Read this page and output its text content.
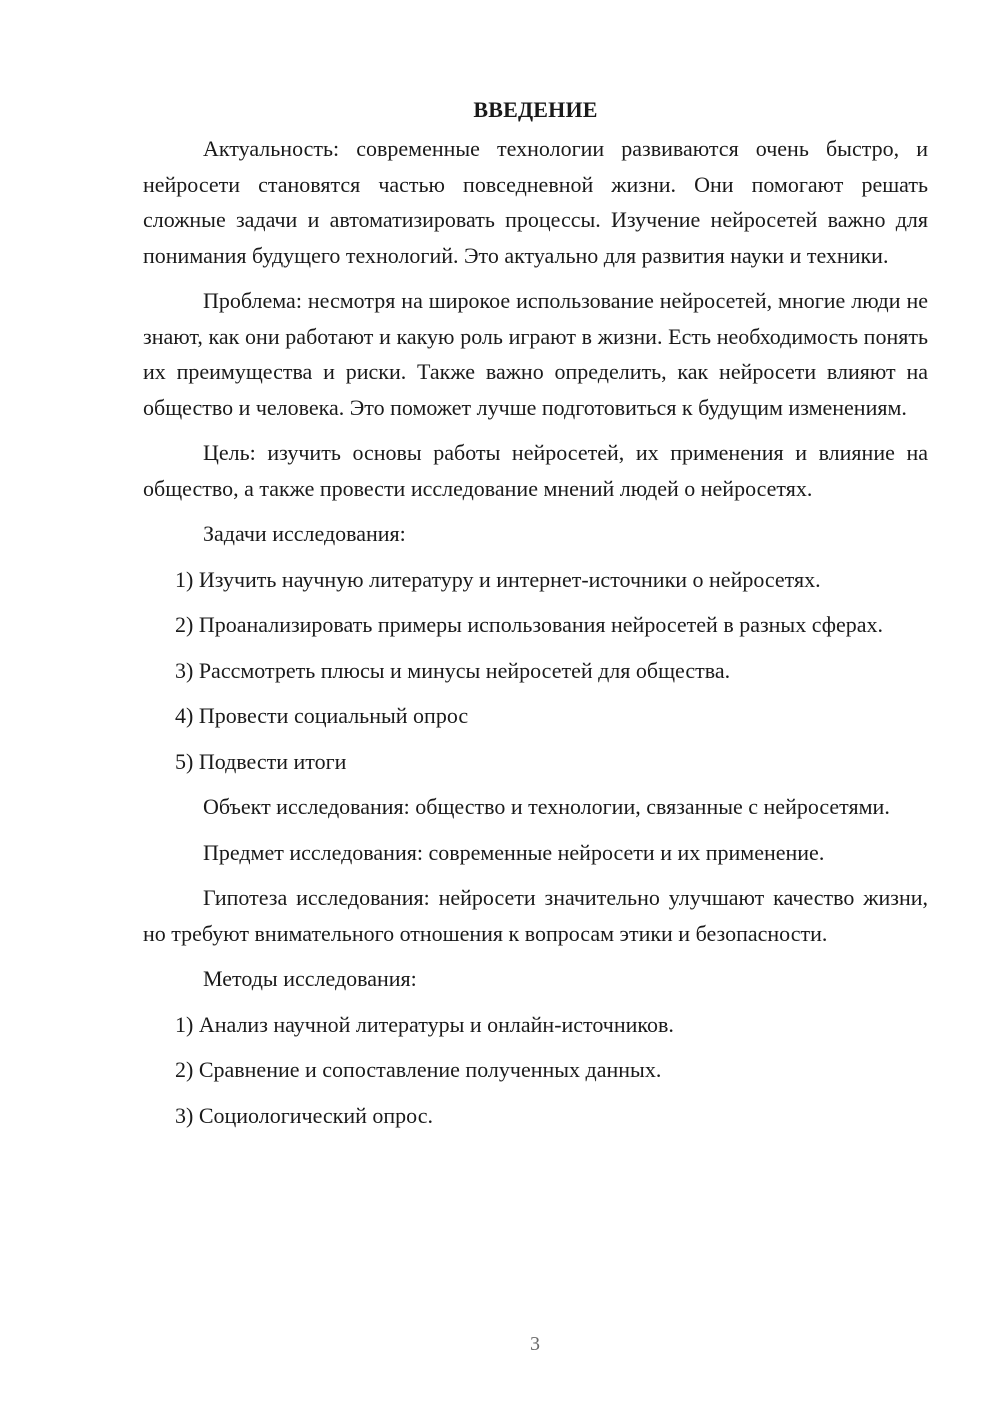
ВВЕДЕНИЕ

Актуальность: современные технологии развиваются очень быстро, и нейросети становятся частью повседневной жизни. Они помогают решать сложные задачи и автоматизировать процессы. Изучение нейросетей важно для понимания будущего технологий. Это актуально для развития науки и техники.

Проблема: несмотря на широкое использование нейросетей, многие люди не знают, как они работают и какую роль играют в жизни. Есть необходимость понять их преимущества и риски. Также важно определить, как нейросети влияют на общество и человека. Это поможет лучше подготовиться к будущим изменениям.

Цель: изучить основы работы нейросетей, их применения и влияние на общество, а также провести исследование мнений людей о нейросетях.

Задачи исследования:

1) Изучить научную литературу и интернет-источники о нейросетях.

2) Проанализировать примеры использования нейросетей в разных сферах.

3) Рассмотреть плюсы и минусы нейросетей для общества.

4) Провести социальный опрос

5) Подвести итоги

Объект исследования: общество и технологии, связанные с нейросетями.

Предмет исследования: современные нейросети и их применение.

Гипотеза исследования: нейросети значительно улучшают качество жизни, но требуют внимательного отношения к вопросам этики и безопасности.

Методы исследования:

1) Анализ научной литературы и онлайн-источников.

2) Сравнение и сопоставление полученных данных.

3) Социологический опрос.

3
